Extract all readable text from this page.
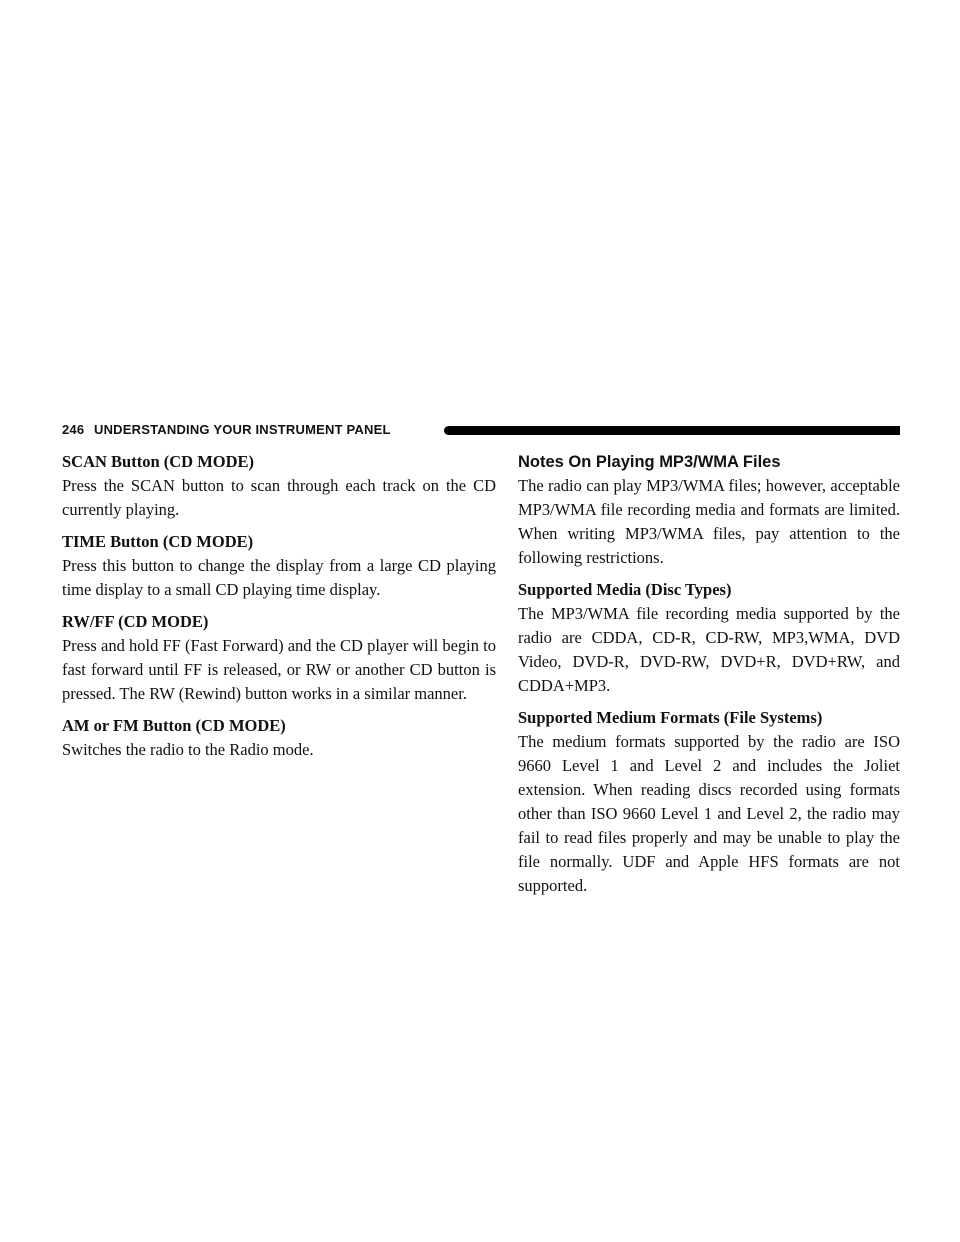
246 UNDERSTANDING YOUR INSTRUMENT PANEL

SCAN Button (CD MODE)

Press the SCAN button to scan through each track on the CD currently playing.

TIME Button (CD MODE)

Press this button to change the display from a large CD playing time display to a small CD playing time display.

RW/FF (CD MODE)

Press and hold FF (Fast Forward) and the CD player will begin to fast forward until FF is released, or RW or another CD button is pressed. The RW (Rewind) button works in a similar manner.

AM or FM Button (CD MODE)

Switches the radio to the Radio mode.

Notes On Playing MP3/WMA Files

The radio can play MP3/WMA files; however, acceptable MP3/WMA file recording media and formats are limited. When writing MP3/WMA files, pay attention to the following restrictions.

Supported Media (Disc Types)

The MP3/WMA file recording media supported by the radio are CDDA, CD-R, CD-RW, MP3,WMA, DVD Video, DVD-R, DVD-RW, DVD+R, DVD+RW, and CDDA+MP3.

Supported Medium Formats (File Systems)

The medium formats supported by the radio are ISO 9660 Level 1 and Level 2 and includes the Joliet extension. When reading discs recorded using formats other than ISO 9660 Level 1 and Level 2, the radio may fail to read files properly and may be unable to play the file normally. UDF and Apple HFS formats are not supported.
